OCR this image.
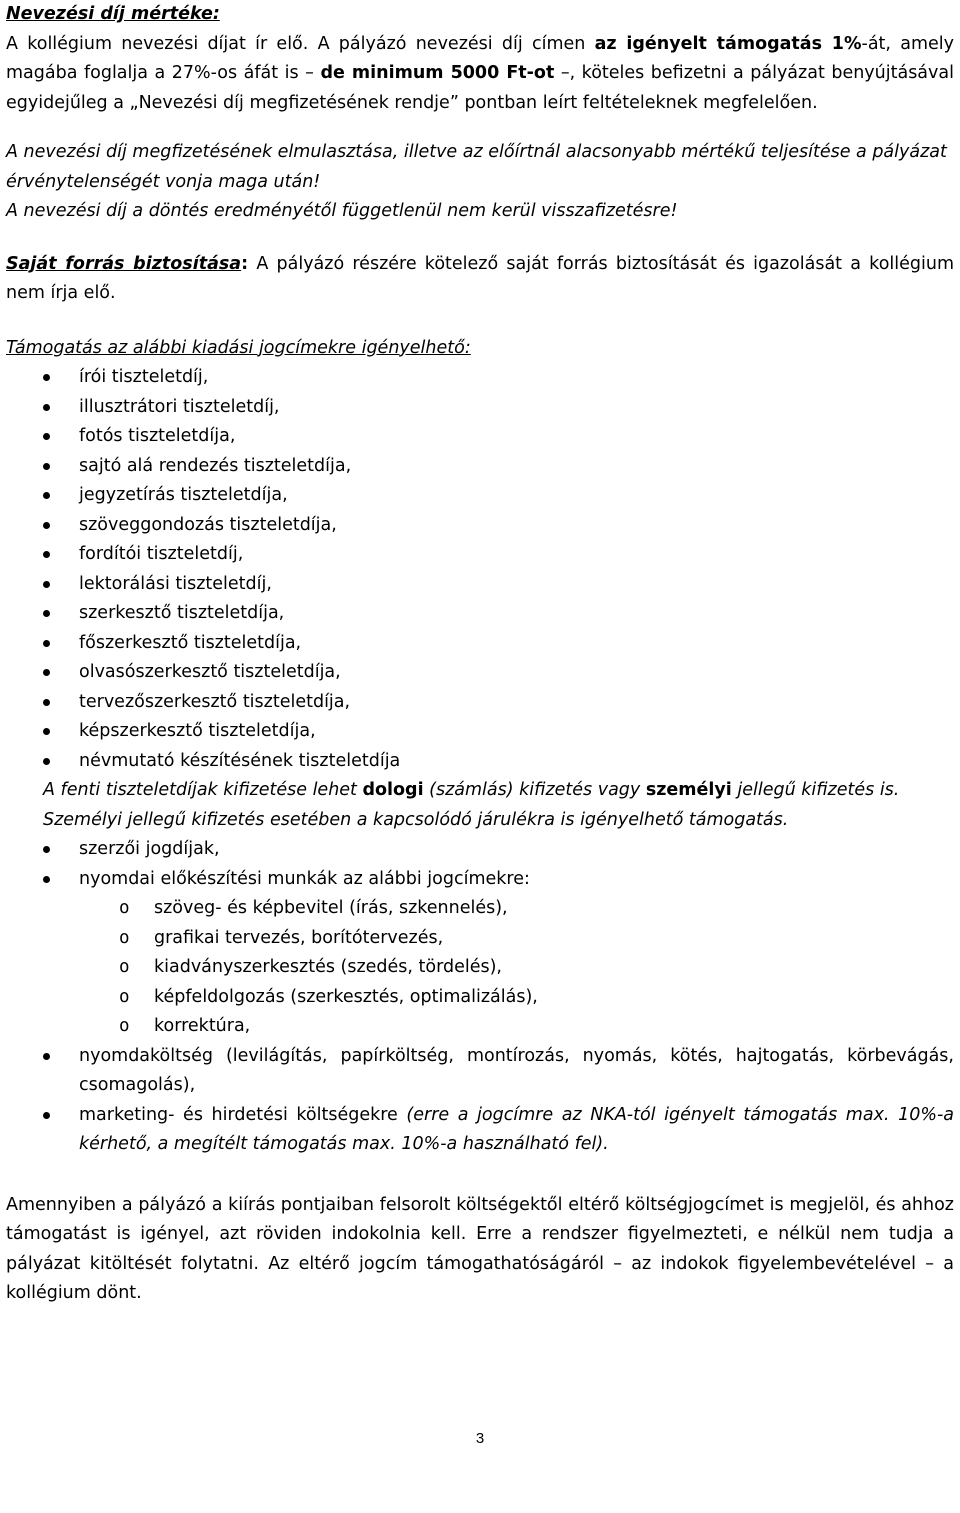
Nevezési díj mértéke:

A kollégium nevezési díjat ír elő. A pályázó nevezési díj címen az igényelt támogatás 1%-át, amely magába foglalja a 27%-os áfát is – de minimum 5000 Ft-ot –, köteles befizetni a pályázat benyújtásával egyidejűleg a „Nevezési díj megfizetésének rendje” pontban leírt feltételeknek megfelelően.

A nevezési díj megfizetésének elmulasztása, illetve az előírtnál alacsonyabb mértékű teljesítése a pályázat érvénytelenségét vonja maga után!

A nevezési díj a döntés eredményétől függetlenül nem kerül visszafizetésre!

Saját forrás biztosítása: A pályázó részére kötelező saját forrás biztosítását és igazolását a kollégium nem írja elő.

Támogatás az alábbi kiadási jogcímekre igényelhető:

írói tiszteletdíj,
illusztrátori tiszteletdíj,
fotós tiszteletdíja,
sajtó alá rendezés tiszteletdíja,
jegyzetírás tiszteletdíja,
szöveggondozás tiszteletdíja,
fordítói tiszteletdíj,
lektorálási tiszteletdíj,
szerkesztő tiszteletdíja,
főszerkesztő tiszteletdíja,
olvasószerkesztő tiszteletdíja,
tervezőszerkesztő tiszteletdíja,
képszerkesztő tiszteletdíja,
névmutató készítésének tiszteletdíja

A fenti tiszteletdíjak kifizetése lehet dologi (számlás) kifizetés vagy személyi jellegű kifizetés is. Személyi jellegű kifizetés esetében a kapcsolódó járulékra is igényelhető támogatás.

szerzői jogdíjak,
nyomdai előkészítési munkák az alábbi jogcímekre:
o szöveg- és képbevitel (írás, szkennelés),
o grafikai tervezés, borítótervezés,
o kiadványszerkesztés (szedés, tördelés),
o képfeldolgozás (szerkesztés, optimalizálás),
o korrektúra,
nyomdaköltség (levilágítás, papírköltség, montírozás, nyomás, kötés, hajtogatás, körbevágás, csomagolás),
marketing- és hirdetési költségekre (erre a jogcímre az NKA-tól igényelt támogatás max. 10%-a kérhető, a megítélt támogatás max. 10%-a használható fel).

Amennyiben a pályázó a kiírás pontjaiban felsorolt költségektől eltérő költségjogcímet is megjelöl, és ahhoz támogatást is igényel, azt röviden indokolnia kell. Erre a rendszer figyelmezteti, e nélkül nem tudja a pályázat kitöltését folytatni. Az eltérő jogcím támogathatóságáról – az indokok figyelembevételével – a kollégium dönt.

3
